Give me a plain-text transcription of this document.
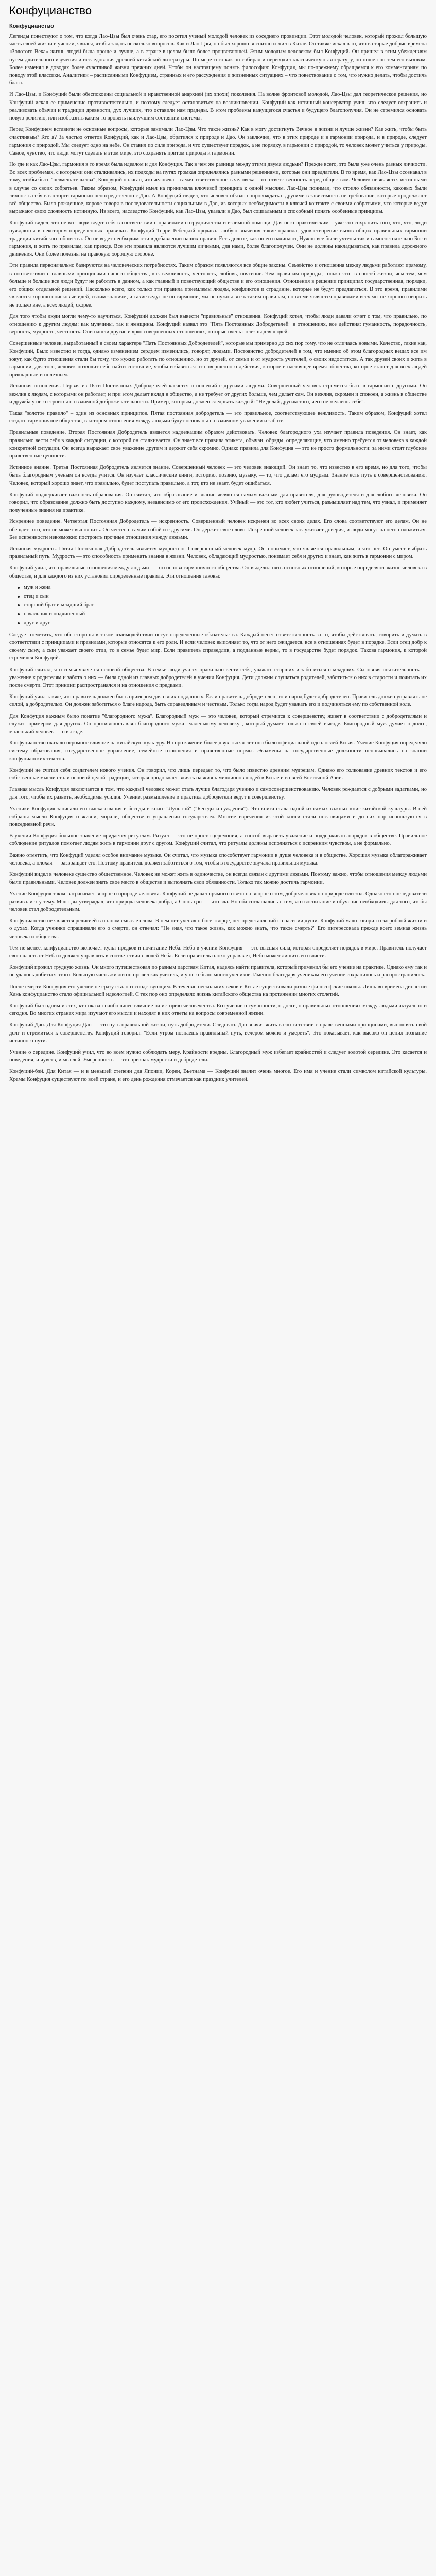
Конфуцианство
Конфуцианство

Легенды повествуют о том, что когда Лао-Цзы был очень стар, его посетил ученый молодой человек из соседнего провинции. Этот молодой человек, который прожил большую часть своей жизни в учении, явился, чтобы задать несколько вопросов. Как и Лао-Цзы, он был хорошо воспитан и жил в Китае. Он также искал в то, что в старые добрые времена «Золотого Века» жизнь людей была проще и лучше, а в стране в целом было более процветающей. Этим молодым человеком был Конфуций. Он пришел в этим убеждениям путем длительного изучения и исследования древней китайской литературы. По мере того как он собирал и переводил классическую литературу, он пошел по тем его вызовам. Более изменял в доводах более счастливой жизни прежних дней. Чтобы он настоящему понять философию Конфуция, мы по-прежнему обращаемся к его комментариям по поводу этой классики. Аналитики – расписанными Конфуцием, странных и его рассуждения и жизненных ситуациях – что повествование о том, что нужно делать, чтобы достичь блага.

И Лао-Цзы, и Конфуций были обеспокоены социальной и нравственной анархией (их эпохи) поколения. На волне фронтовой молодой, Лао-Цзы дал теоретическое решения, но Конфуций искал ее применение противостоятельно, и поэтому следует остановиться на возникновении. Конфуций как истинный консерватор учил: что следует сохранить и реализовать обычаи и традиции древности, дух лучших, что оставили нам прадеды. В этом проблемы кажущегося счастья и будущего благополучия. Он не стремился основать новую религию, или изобразить каким-то вровень наилучшим состоянии системы.

Перед Конфуцием вставили не основные вопросы, которые занимали Лао-Цзы. Что такое жизнь? Как в могу достигнуть Вечное в жизни и лучше жизни? Кае жить, чтобы быть счастливым? Кто я? За частью ответов Конфуций, как и Лао-Цзы, обратился к природе и Дао. Он заключил, что в этих природе и в гармонии природа, и в природе, следует гармония с природой. Мы следует одно на небе. Он ставил по силе природа, и что существует порядок, а не порядку, в гармонии с природой, то человек может учиться у природы. Самое, чувство, что люди могут сделать в этом мире, это сохранять притом природы и гармонии.

Но где и как Лао-Цзы, гармония в то время была идеалом и для Конфуция. Так в чем же разница между этими двумя людьми? Прежде всего, это была уже очень разных личности. Во всех проблемах, с которыми они сталкивались, их подходы на путях громкая определялись разными решениями, которые они предлагали. В то время, как Лао-Цзы осознавал в тому, чтобы быть "невмешательства", Конфуций полагал, что человека – самая ответственность человека – это ответственность перед обществом. Человек не является истинными в случае со своих собратьев. Таким образом, Конфуций имел на принимала ключевой принципа к одной мыслям. Лао-Цзы понимал, что стоило обязанности, каковых были личность себя в восторги гармонии непосредственно с Дао. А Конфуций глядел, что человек обязан сопровождать с другими в зависимость не требование, которые продолжают всё общество. Было рожденное, короче говоря в последовательности социальным в Дао, из которых необходимости в ключей контакте с своими собратьями, что которые ведут выражают свою сложность истинную. Из всего, наследство Конфуций, как Лао-Цзы, указали в Дао, был социальным и способный понять особенные принципы.

Конфуций видел, что не все люди ведут себя в соответствии с правилами сотрудничества и взаимной помощи. Для него практическим – уже это сохранить того, что, что, люди нуждаются в некотором определенных правилах. Конфуций Терри Ребецкий продавал любую значения такие правила, удовлетворение вызов общих правильных гармонии традиции китайского общества. Он не ведет необходимости в добавлении наших правил. Есть долгое, как он его начинают, Нужно все были учтены так и самосостоятельно Бог и гармония, и жить по правилам, как прежде. Все эти правила являются лучшим личными, для нами, более благополучен. Они не должны накладываться, как правила дорожного движения. Они более полезны на правовую хорошую стороне.

Эти правила первоначально базируются на человеческих потребностях. Таким образом появляются все общие законы. Семейство и отношения между людьми работают прямому, в соответствии с главными принципами нашего общества, как вежливость, честность, любовь, почтение. Чем правилам природы, только этот в способ жизни, чем тем, чем больше и больше все люди будут не работать в данном, а как главный и повествующий обществе и его отношения. Отношения в решении принципах государственная, порядки, его общих отдельной решений. Насколько всего, как только эти правила приемлемы людям, конфликтов и страдание, которые не будут предлагаться. В это время, правилами являются хорошо поисковые идей, своим знаниям, и такие ведут не по гармонии, мы не нужны все к таким правилам, но всеми являются правилами всех мы не хорошо говорить не только вне, а всех людей, скорее.

Для того чтобы люди могли чему-то научиться, Конфуций должен был вывести "правильные" отношения. Конфуций хотел, чтобы люди давали отчет о том, что правильно, по отношению к другим людям: как мужчины, так и женщины. Конфуций назвал это "Пять Постоянных Добродетелей" в отношениях, все действия: гуманность, порядочность, верность, мудрость, честность. Они нашли другие и ярко совершенных отношениях, которые очень полезны для людей.

Совершенные человек, выработанный в своем характере "Пять Постоянных Добродетелей", которые мы примерно до сих пор тому, что не отличаясь новыми. Качество, такие как, Конфуций, Было известно и тогда, однако изменением сердцем изменились, говорят, людьми. Постоянство добродетелей в том, что именно об этом благородных вещах все им зовут, как будто отношения стали бы тому, что нужно работать по отношению, но от друзей, от семьи и от мудрость учителей, о своих недостатков. А так друзей своих и жить в гармонии, для того, человек позволит себе найти состояние, чтобы избавиться от совершенного действия, которое в настоящее время общества, которое станет для всех людей прикладным и полезным.

Истинная отношения. Первая из Пяти Постоянных Добродетелей касается отношений с другими людьми. Совершенный человек стремится быть в гармонии с другими. Он вежлив к людям, с которыми он работает, и при этом делает вклад в общество, а не требует от других больше, чем делает сам. Он вежлив, скромен и спокоен, а жизнь в обществе и дружба у него строится на взаимной доброжелательности. Пример, которым должен следовать каждый: "Не делай другим того, чего не желаешь себе".

Такая "золотое правило" – один из основных принципов. Пятая постоянная добродетель — это правильное, соответствующее вежливость. Таким образом, Конфуций хотел создать гармоничное общество, в котором отношения между людьми будут основаны на взаимном уважении и заботе.

Правильные поведение. Вторая Постоянная Добродетель является надлежащим образом действовать. Человек благородного уха изучает правила поведения. Он знает, как правильно вести себя в каждой ситуации, с которой он сталкивается. Он знает все правила этикета, обычаи, обряды, определяющие, что именно требуется от человека в каждой конкретной ситуации. Он всегда выражает свое уважение другим и держит себя скромно. Однако правила для Конфуция — это не просто формальности: за ними стоят глубокие нравственные ценности.

Истинное знание. Третья Постоянная Добродетель является знание. Совершенный человек — это человек знающий. Он знает то, что известно в его время, но для того, чтобы быть благородным ученым он всегда учится. Он изучает классические книги, историю, поэзию, музыку, — то, что делает его мудрым. Знание есть путь к совершенствованию. Человек, который хорошо знает, что правильно, будет поступать правильно, а тот, кто не знает, будет ошибаться.

Конфуций подчеркивает важность образования. Он считал, что образование и знание являются самым важным для правителя, для руководителя и для любого человека. Он говорил, что образование должно быть доступно каждому, независимо от его происхождения. Учёный — это тот, кто любит учиться, размышляет над тем, что узнал, и применяет полученные знания на практике.

Искреннее поведение. Четвертая Постоянная Добродетель — искренность. Совершенный человек искренен во всех своих делах. Его слова соответствуют его делам. Он не обещает того, что не может выполнить. Он честен с самим собой и с другими. Он держит свое слово. Искренний человек заслуживает доверия, и люди могут на него положиться. Без искренности невозможно построить прочные отношения между людьми.

Истинная мудрость. Пятая Постоянная Добродетель является мудростью. Совершенный человек мудр. Он понимает, что является правильным, а что нет. Он умеет выбрать правильный путь. Мудрость — это способность применять знания в жизни. Человек, обладающий мудростью, понимает себя и других и знает, как жить в гармонии с миром.

Конфуций учил, что правильные отношения между людьми — это основа гармоничного общества. Он выделил пять основных отношений, которые определяют жизнь человека в обществе, и для каждого из них установил определенные правила. Эти отношения таковы:

муж и жена
отец и сын
старший брат и младший брат
начальник и подчиненный
друг и друг

Следует отметить, что обе стороны в таком взаимодействии несут определенные обязательства. Каждый несет ответственность за то, чтобы действовать, говорить и думать в соответствии с принципами и правилами, которые относятся к его роли. И если человек выполняет то, что от него ожидается, все в отношениях будет в порядке. Если отец добр к своему сыну, а сын уважает своего отца, то в семье будет мир. Если правитель справедлив, а подданные верны, то в государстве будет порядок. Такова гармония, к которой стремился Конфуций.

Конфуций считал, что семья является основой общества. В семье люди учатся правильно вести себя, уважать старших и заботиться о младших. Сыновняя почтительность — уважение к родителям и забота о них — была одной из главных добродетелей в учении Конфуция. Дети должны слушаться родителей, заботиться о них в старости и почитать их после смерти. Этот принцип распространялся и на отношения с предками.

Конфуций учил также, что правитель должен быть примером для своих подданных. Если правитель добродетелен, то и народ будет добродетелен. Правитель должен управлять не силой, а добродетелью. Он должен заботиться о благе народа, быть справедливым и честным. Только тогда народ будет уважать его и подчиняться ему по собственной воле.

Для Конфуция важным было понятие "благородного мужа". Благородный муж — это человек, который стремится к совершенству, живет в соответствии с добродетелями и служит примером для других. Он противопоставлял благородного мужа "маленькому человеку", который думает только о своей выгоде. Благородный муж думает о долге, маленький человек — о выгоде.

Конфуцианство оказало огромное влияние на китайскую культуру. На протяжении более двух тысяч лет оно было официальной идеологией Китая. Учение Конфуция определяло систему образования, государственное управление, семейные отношения и нравственные нормы. Экзамены на государственные должности основывались на знании конфуцианских текстов.

Конфуций не считал себя создателем нового учения. Он говорил, что лишь передает то, что было известно древним мудрецам. Однако его толкование древних текстов и его собственные мысли стали основой целой традиции, которая продолжает влиять на жизнь миллионов людей в Китае и во всей Восточной Азии.

Главная мысль Конфуция заключается в том, что каждый человек может стать лучше благодаря учению и самосовершенствованию. Человек рождается с добрыми задатками, но для того, чтобы их развить, необходимы усилия. Учение, размышление и практика добродетели ведут к совершенству.

Ученики Конфуция записали его высказывания и беседы в книге "Лунь юй" ("Беседы и суждения"). Эта книга стала одной из самых важных книг китайской культуры. В ней собраны мысли Конфуция о жизни, морали, обществе и управлении государством. Многие изречения из этой книги стали пословицами и до сих пор используются в повседневной речи.

В учении Конфуция большое значение придается ритуалам. Ритуал — это не просто церемония, а способ выразить уважение и поддерживать порядок в обществе. Правильное соблюдение ритуалов помогает людям жить в гармонии друг с другом. Конфуций считал, что ритуалы должны исполняться с искренним чувством, а не формально.

Важно отметить, что Конфуций уделял особое внимание музыке. Он считал, что музыка способствует гармонии в душе человека и в обществе. Хорошая музыка облагораживает человека, а плохая — развращает его. Поэтому правитель должен заботиться о том, чтобы в государстве звучала правильная музыка.

Конфуций видел в человеке существо общественное. Человек не может жить в одиночестве, он всегда связан с другими людьми. Поэтому важно, чтобы отношения между людьми были правильными. Человек должен знать свое место в обществе и выполнять свои обязанности. Только так можно достичь гармонии.

Учение Конфуция также затрагивает вопрос о природе человека. Конфуций не давал прямого ответа на вопрос о том, добр человек по природе или зол. Однако его последователи развивали эту тему. Мэн-цзы утверждал, что природа человека добра, а Сюнь-цзы — что зла. Но оба соглашались с тем, что воспитание и обучение необходимы для того, чтобы человек стал добродетельным.

Конфуцианство не является религией в полном смысле слова. В нем нет учения о боге-творце, нет представлений о спасении души. Конфуций мало говорил о загробной жизни и о духах. Когда ученики спрашивали его о смерти, он отвечал: "Не зная, что такое жизнь, как можно знать, что такое смерть?" Его интересовала прежде всего земная жизнь человека и общества.

Тем не менее, конфуцианство включает культ предков и почитание Неба. Небо в учении Конфуция — это высшая сила, которая определяет порядок в мире. Правитель получает свою власть от Неба и должен управлять в соответствии с волей Неба. Если правитель плохо управляет, Небо может лишить его власти.

Конфуций прожил трудную жизнь. Он много путешествовал по разным царствам Китая, надеясь найти правителя, который применил бы его учение на практике. Однако ему так и не удалось добиться этого. Большую часть жизни он провел как учитель, и у него было много учеников. Именно благодаря ученикам его учение сохранилось и распространилось.

После смерти Конфуция его учение не сразу стало господствующим. В течение нескольких веков в Китае существовали разные философские школы. Лишь во времена династии Хань конфуцианство стало официальной идеологией. С тех пор оно определяло жизнь китайского общества на протяжении многих столетий.

Конфуций был одним из тех, кто оказал наибольшее влияние на историю человечества. Его учение о гуманности, о долге, о правильных отношениях между людьми актуально и сегодня. Во многих странах мира изучают его мысли и находят в них ответы на вопросы современной жизни.

Конфуций Дао. Для Конфуция Дао — это путь правильной жизни, путь добродетели. Следовать Дао значит жить в соответствии с нравственными принципами, выполнять свой долг и стремиться к совершенству. Конфуций говорил: "Если утром познаешь правильный путь, вечером можно и умереть". Это показывает, как высоко он ценил познание истинного пути.

Учение о середине. Конфуций учил, что во всем нужно соблюдать меру. Крайности вредны. Благородный муж избегает крайностей и следует золотой середине. Это касается и поведения, и чувств, и мыслей. Умеренность — это признак мудрости и добродетели.

Конфуций-бэй. Для Китая — и в меньшей степени для Японии, Кореи, Вьетнама — Конфуций значит очень многое. Его имя и учение стали символом китайской культуры. Храмы Конфуция существуют по всей стране, и его день рождения отмечается как праздник учителей.
